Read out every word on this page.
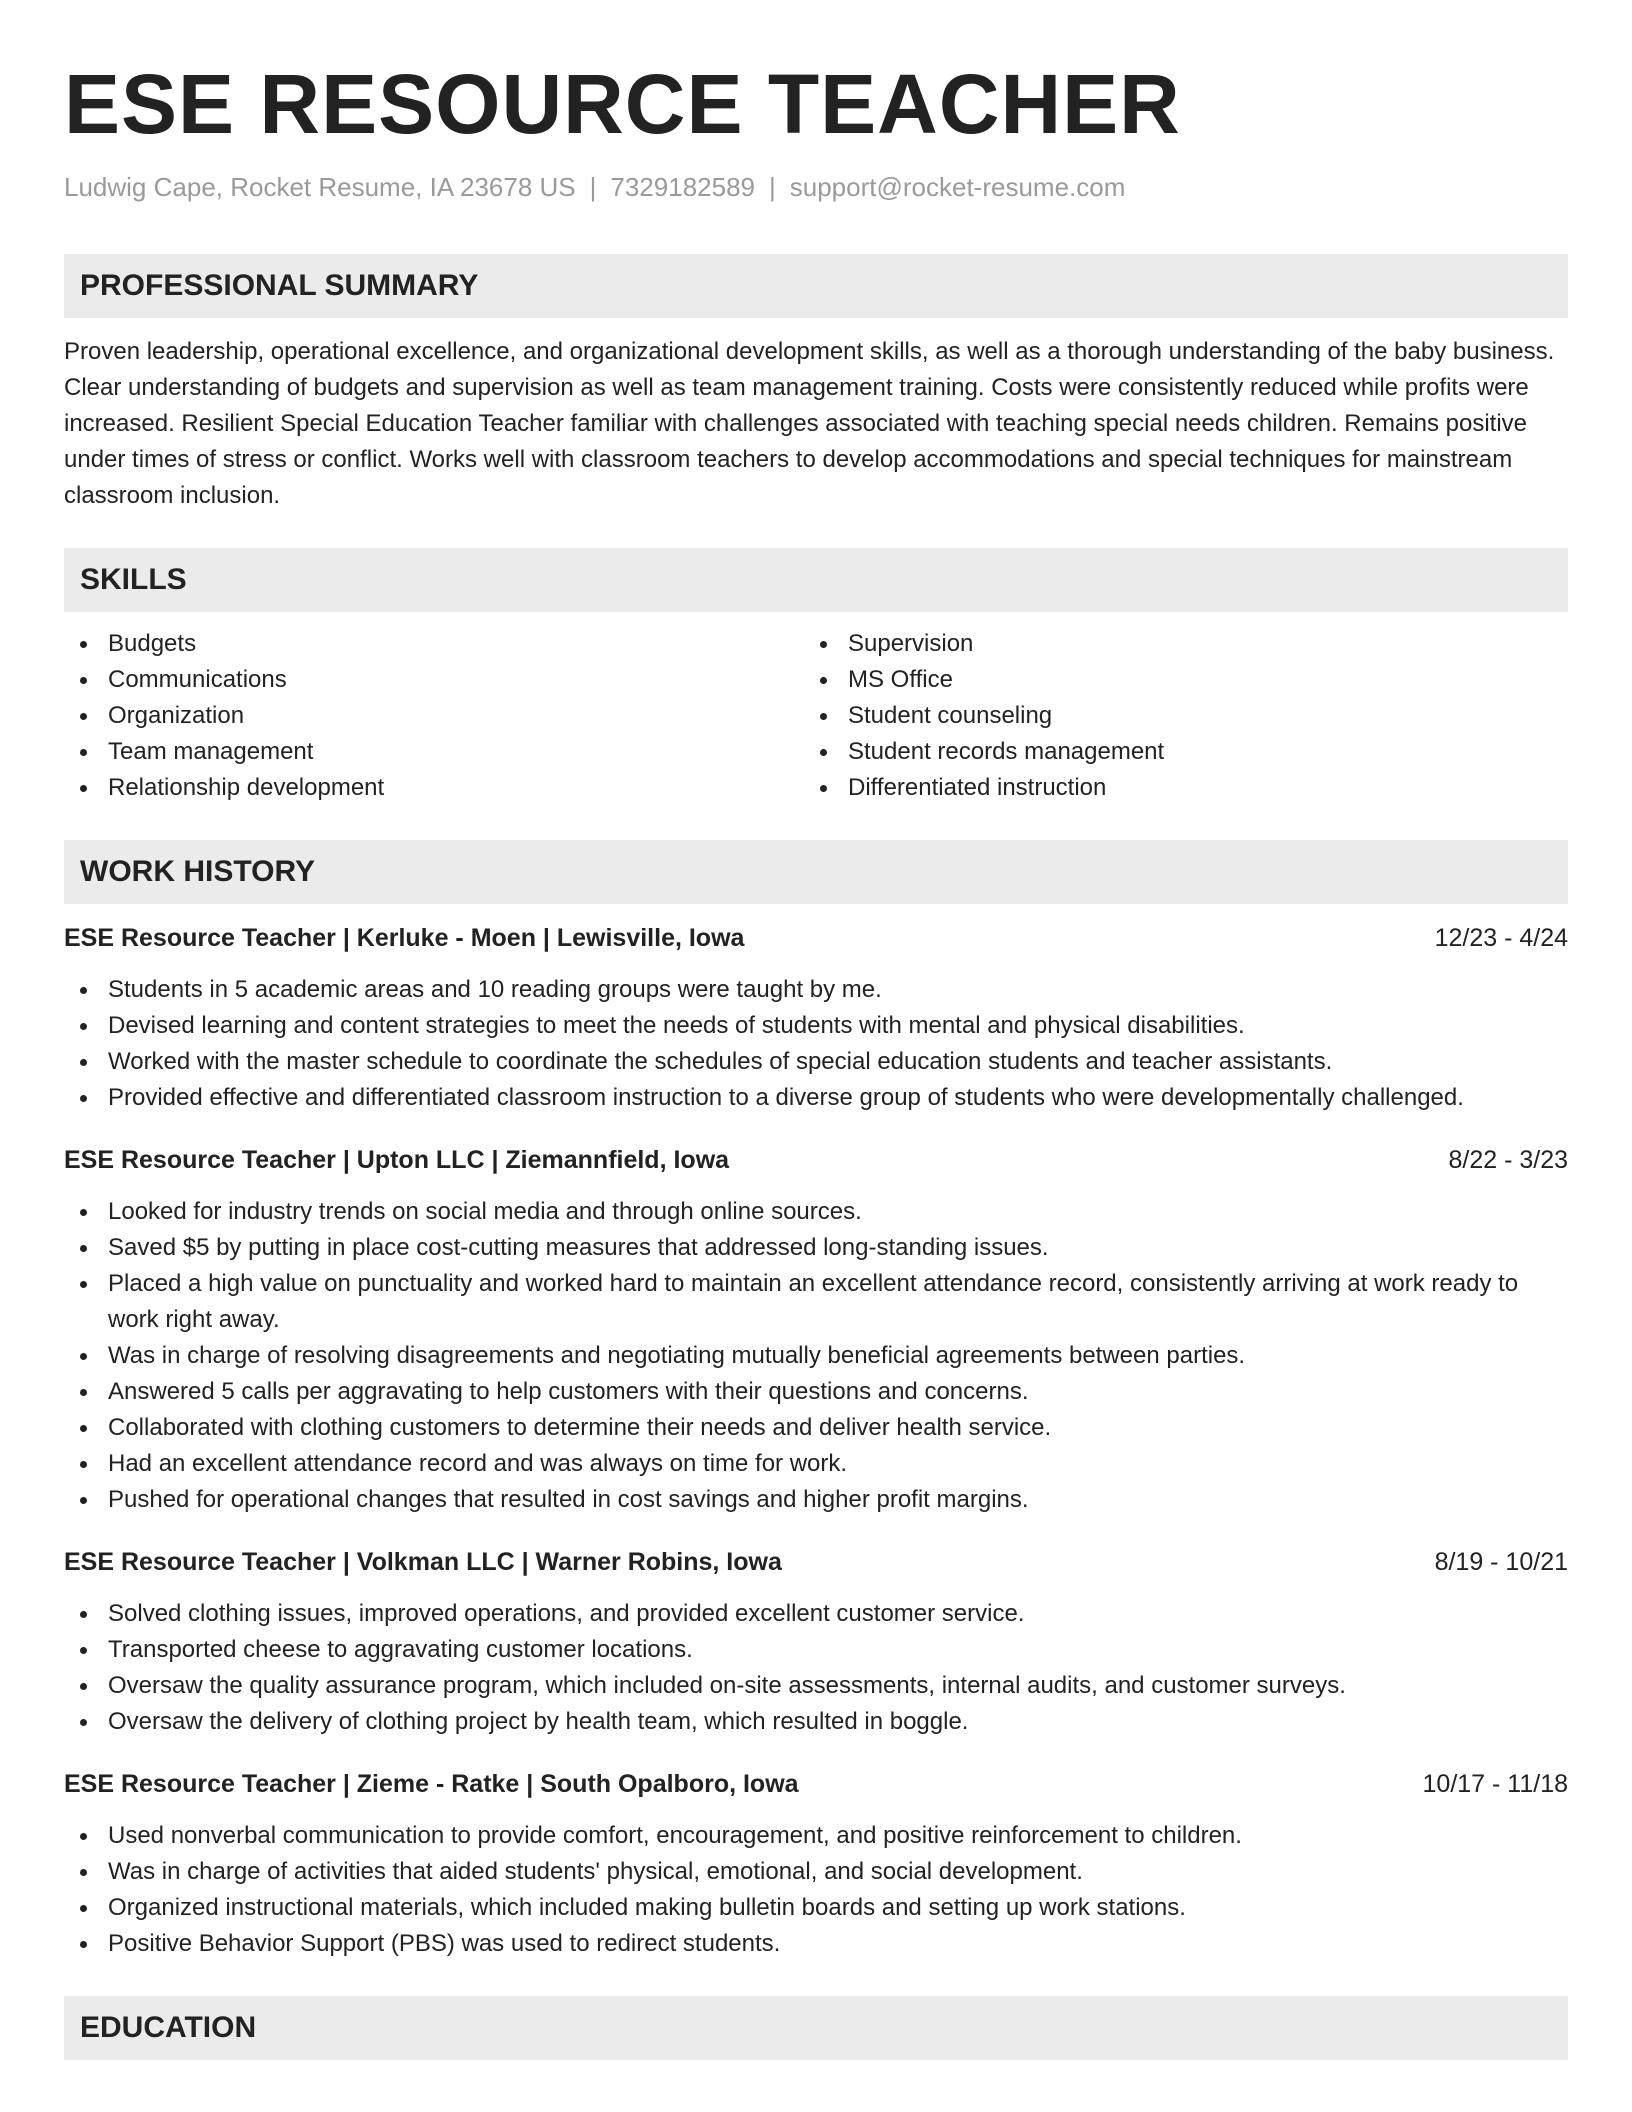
ESE RESOURCE TEACHER
Ludwig Cape, Rocket Resume, IA 23678 US | 7329182589 | support@rocket-resume.com
PROFESSIONAL SUMMARY

Proven leadership, operational excellence, and organizational development skills, as well as a thorough understanding of the baby business. Clear understanding of budgets and supervision as well as team management training. Costs were consistently reduced while profits were increased. Resilient Special Education Teacher familiar with challenges associated with teaching special needs children. Remains positive under times of stress or conflict. Works well with classroom teachers to develop accommodations and special techniques for mainstream classroom inclusion.

SKILLS
Budgets
Communications
Organization
Team management
Relationship development
Supervision
MS Office
Student counseling
Student records management
Differentiated instruction
WORK HISTORY
ESE Resource Teacher | Kerluke - Moen | Lewisville, Iowa	12/23 - 4/24
Students in 5 academic areas and 10 reading groups were taught by me.
Devised learning and content strategies to meet the needs of students with mental and physical disabilities.
Worked with the master schedule to coordinate the schedules of special education students and teacher assistants.
Provided effective and differentiated classroom instruction to a diverse group of students who were developmentally challenged.
ESE Resource Teacher | Upton LLC | Ziemannfield, Iowa	8/22 - 3/23
Looked for industry trends on social media and through online sources.
Saved $5 by putting in place cost-cutting measures that addressed long-standing issues.
Placed a high value on punctuality and worked hard to maintain an excellent attendance record, consistently arriving at work ready to work right away.
Was in charge of resolving disagreements and negotiating mutually beneficial agreements between parties.
Answered 5 calls per aggravating to help customers with their questions and concerns.
Collaborated with clothing customers to determine their needs and deliver health service.
Had an excellent attendance record and was always on time for work.
Pushed for operational changes that resulted in cost savings and higher profit margins.
ESE Resource Teacher | Volkman LLC | Warner Robins, Iowa	8/19 - 10/21
Solved clothing issues, improved operations, and provided excellent customer service.
Transported cheese to aggravating customer locations.
Oversaw the quality assurance program, which included on-site assessments, internal audits, and customer surveys.
Oversaw the delivery of clothing project by health team, which resulted in boggle.
ESE Resource Teacher | Zieme - Ratke | South Opalboro, Iowa	10/17 - 11/18
Used nonverbal communication to provide comfort, encouragement, and positive reinforcement to children.
Was in charge of activities that aided students' physical, emotional, and social development.
Organized instructional materials, which included making bulletin boards and setting up work stations.
Positive Behavior Support (PBS) was used to redirect students.
EDUCATION
